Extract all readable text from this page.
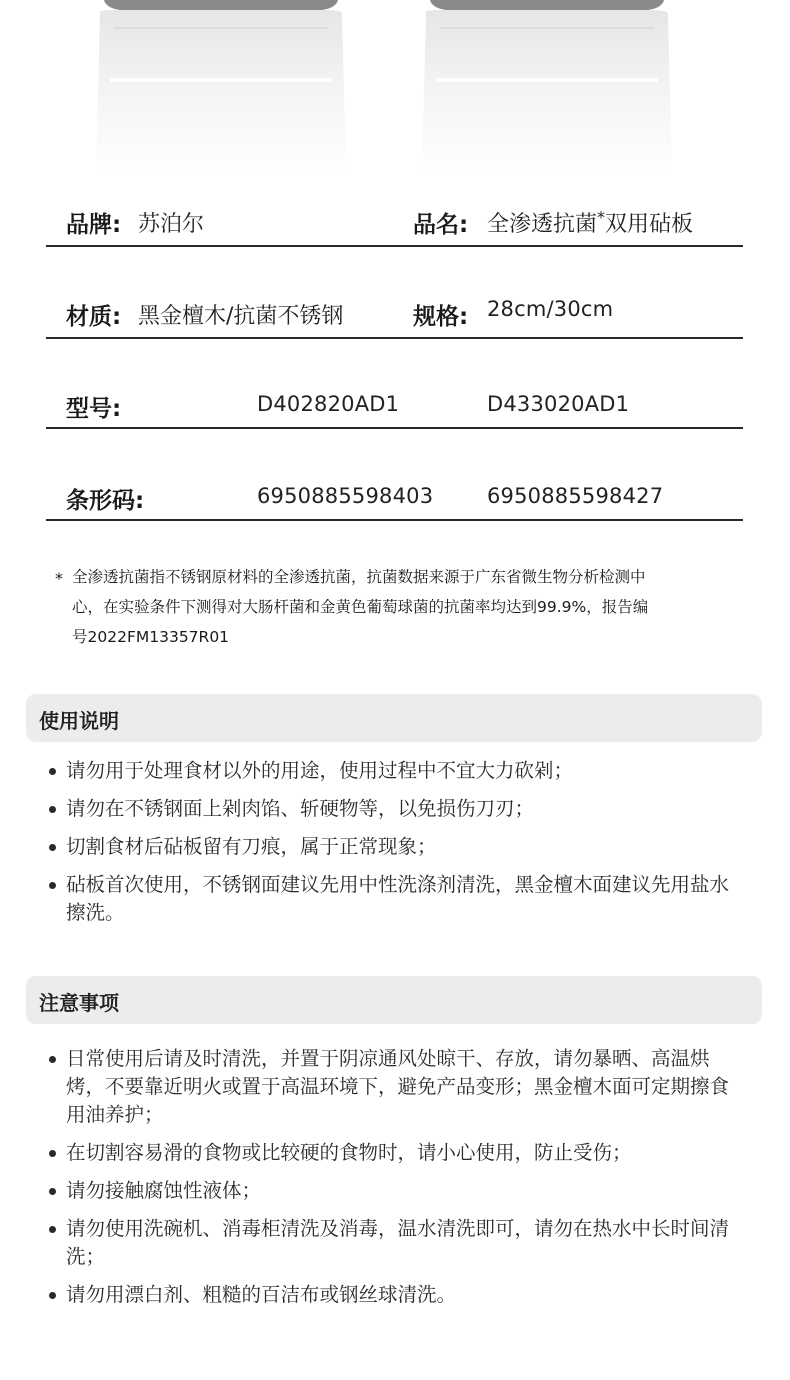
品牌: 苏泊尔	品名: 全渗透抗菌*双用砧板
材质: 黑金檀木/抗菌不锈钢	规格: 28cm/30cm
型号:	D402820AD1	D433020AD1
条形码:	6950885598403	6950885598427
* 全渗透抗菌指不锈钢原材料的全渗透抗菌，抗菌数据来源于广东省微生物分析检测中
心，在实验条件下测得对大肠杆菌和金黄色葡萄球菌的抗菌率均达到99.9%，报告编
号2022FM13357R01
使用说明
请勿用于处理食材以外的用途，使用过程中不宜大力砍剁；
请勿在不锈钢面上剁肉馅、斩硬物等，以免损伤刀刃；
切割食材后砧板留有刀痕，属于正常现象；
砧板首次使用，不锈钢面建议先用中性洗涤剂清洗，黑金檀木面建议先用盐水擦洗。
注意事项
日常使用后请及时清洗，并置于阴凉通风处晾干、存放，请勿暴晒、高温烘烤，不要靠近明火或置于高温环境下，避免产品变形；黑金檀木面可定期擦食用油养护；
在切割容易滑的食物或比较硬的食物时，请小心使用，防止受伤；
请勿接触腐蚀性液体；
请勿使用洗碗机、消毒柜清洗及消毒，温水清洗即可，请勿在热水中长时间清洗；
请勿用漂白剂、粗糙的百洁布或钢丝球清洗。
